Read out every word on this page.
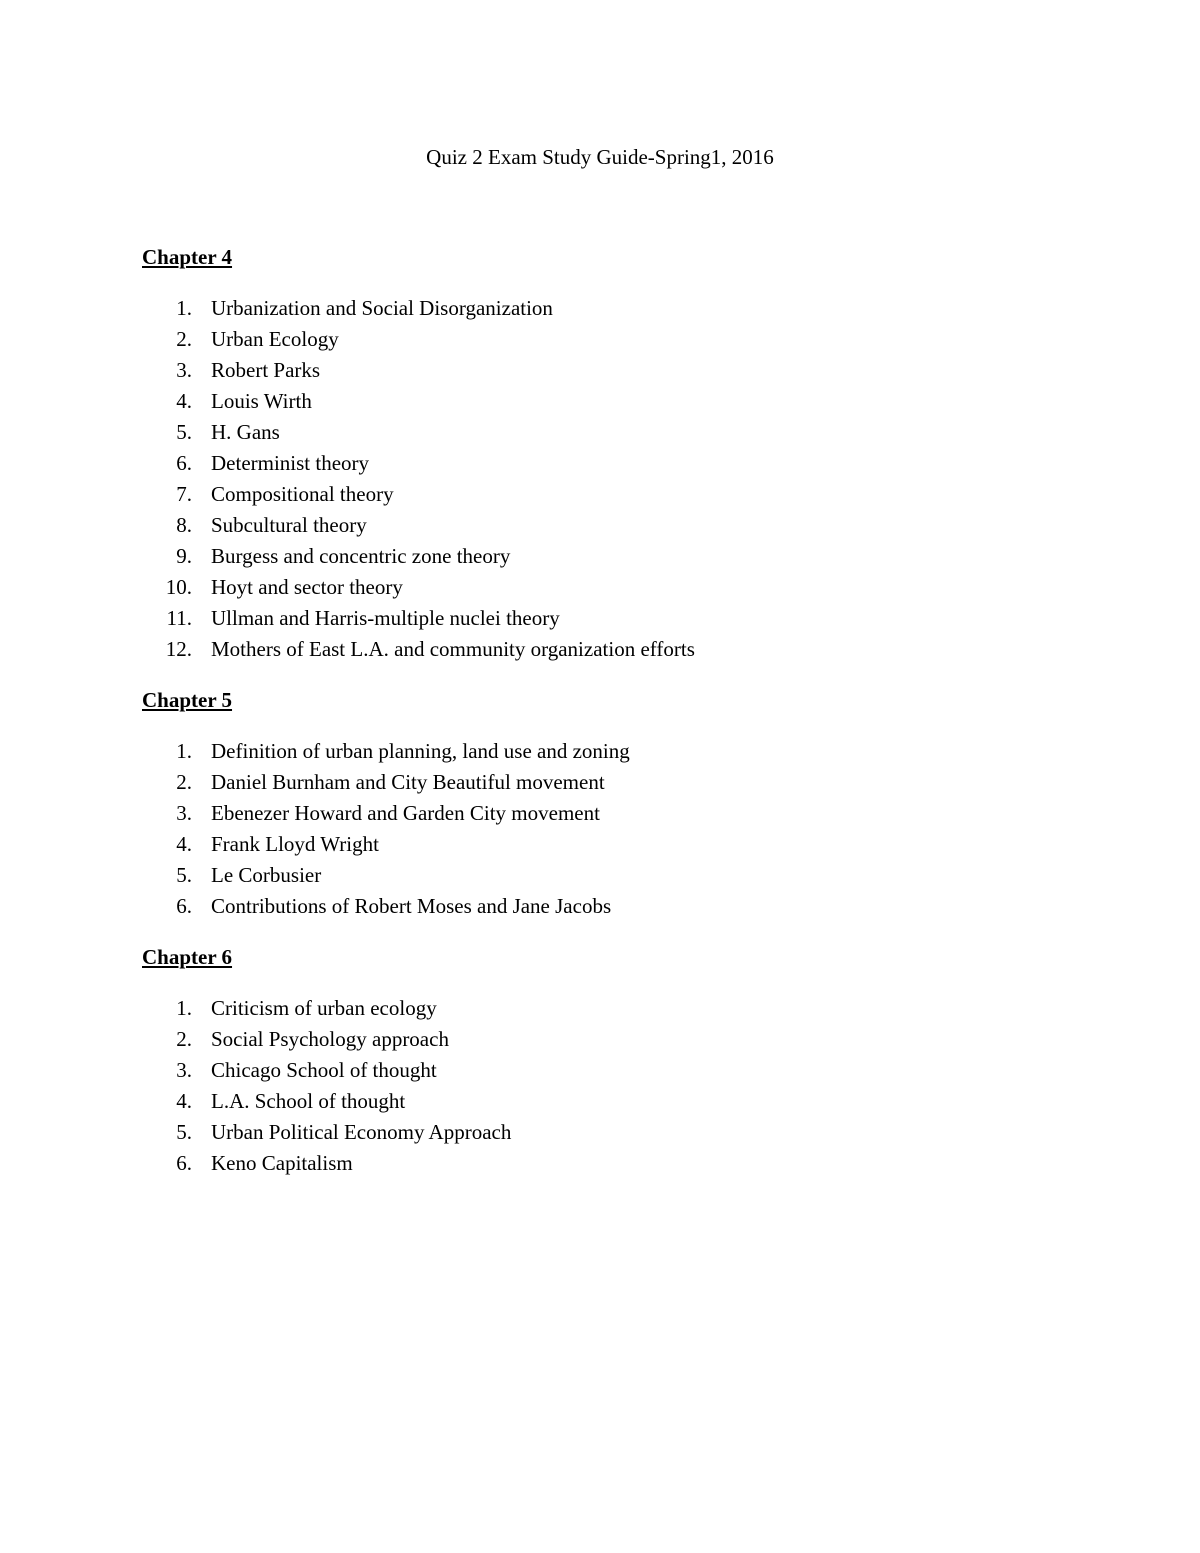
Quiz 2 Exam Study Guide-Spring1, 2016
Chapter 4
1. Urbanization and Social Disorganization
2. Urban Ecology
3. Robert Parks
4. Louis Wirth
5. H. Gans
6. Determinist theory
7. Compositional theory
8. Subcultural theory
9. Burgess and concentric zone theory
10. Hoyt and sector theory
11. Ullman and Harris-multiple nuclei theory
12. Mothers of East L.A. and community organization efforts
Chapter 5
1. Definition of urban planning, land use and zoning
2. Daniel Burnham and City Beautiful movement
3. Ebenezer Howard and Garden City movement
4. Frank Lloyd Wright
5. Le Corbusier
6. Contributions of Robert Moses and Jane Jacobs
Chapter 6
1. Criticism of urban ecology
2. Social Psychology approach
3. Chicago School of thought
4. L.A. School of thought
5. Urban Political Economy Approach
6. Keno Capitalism
